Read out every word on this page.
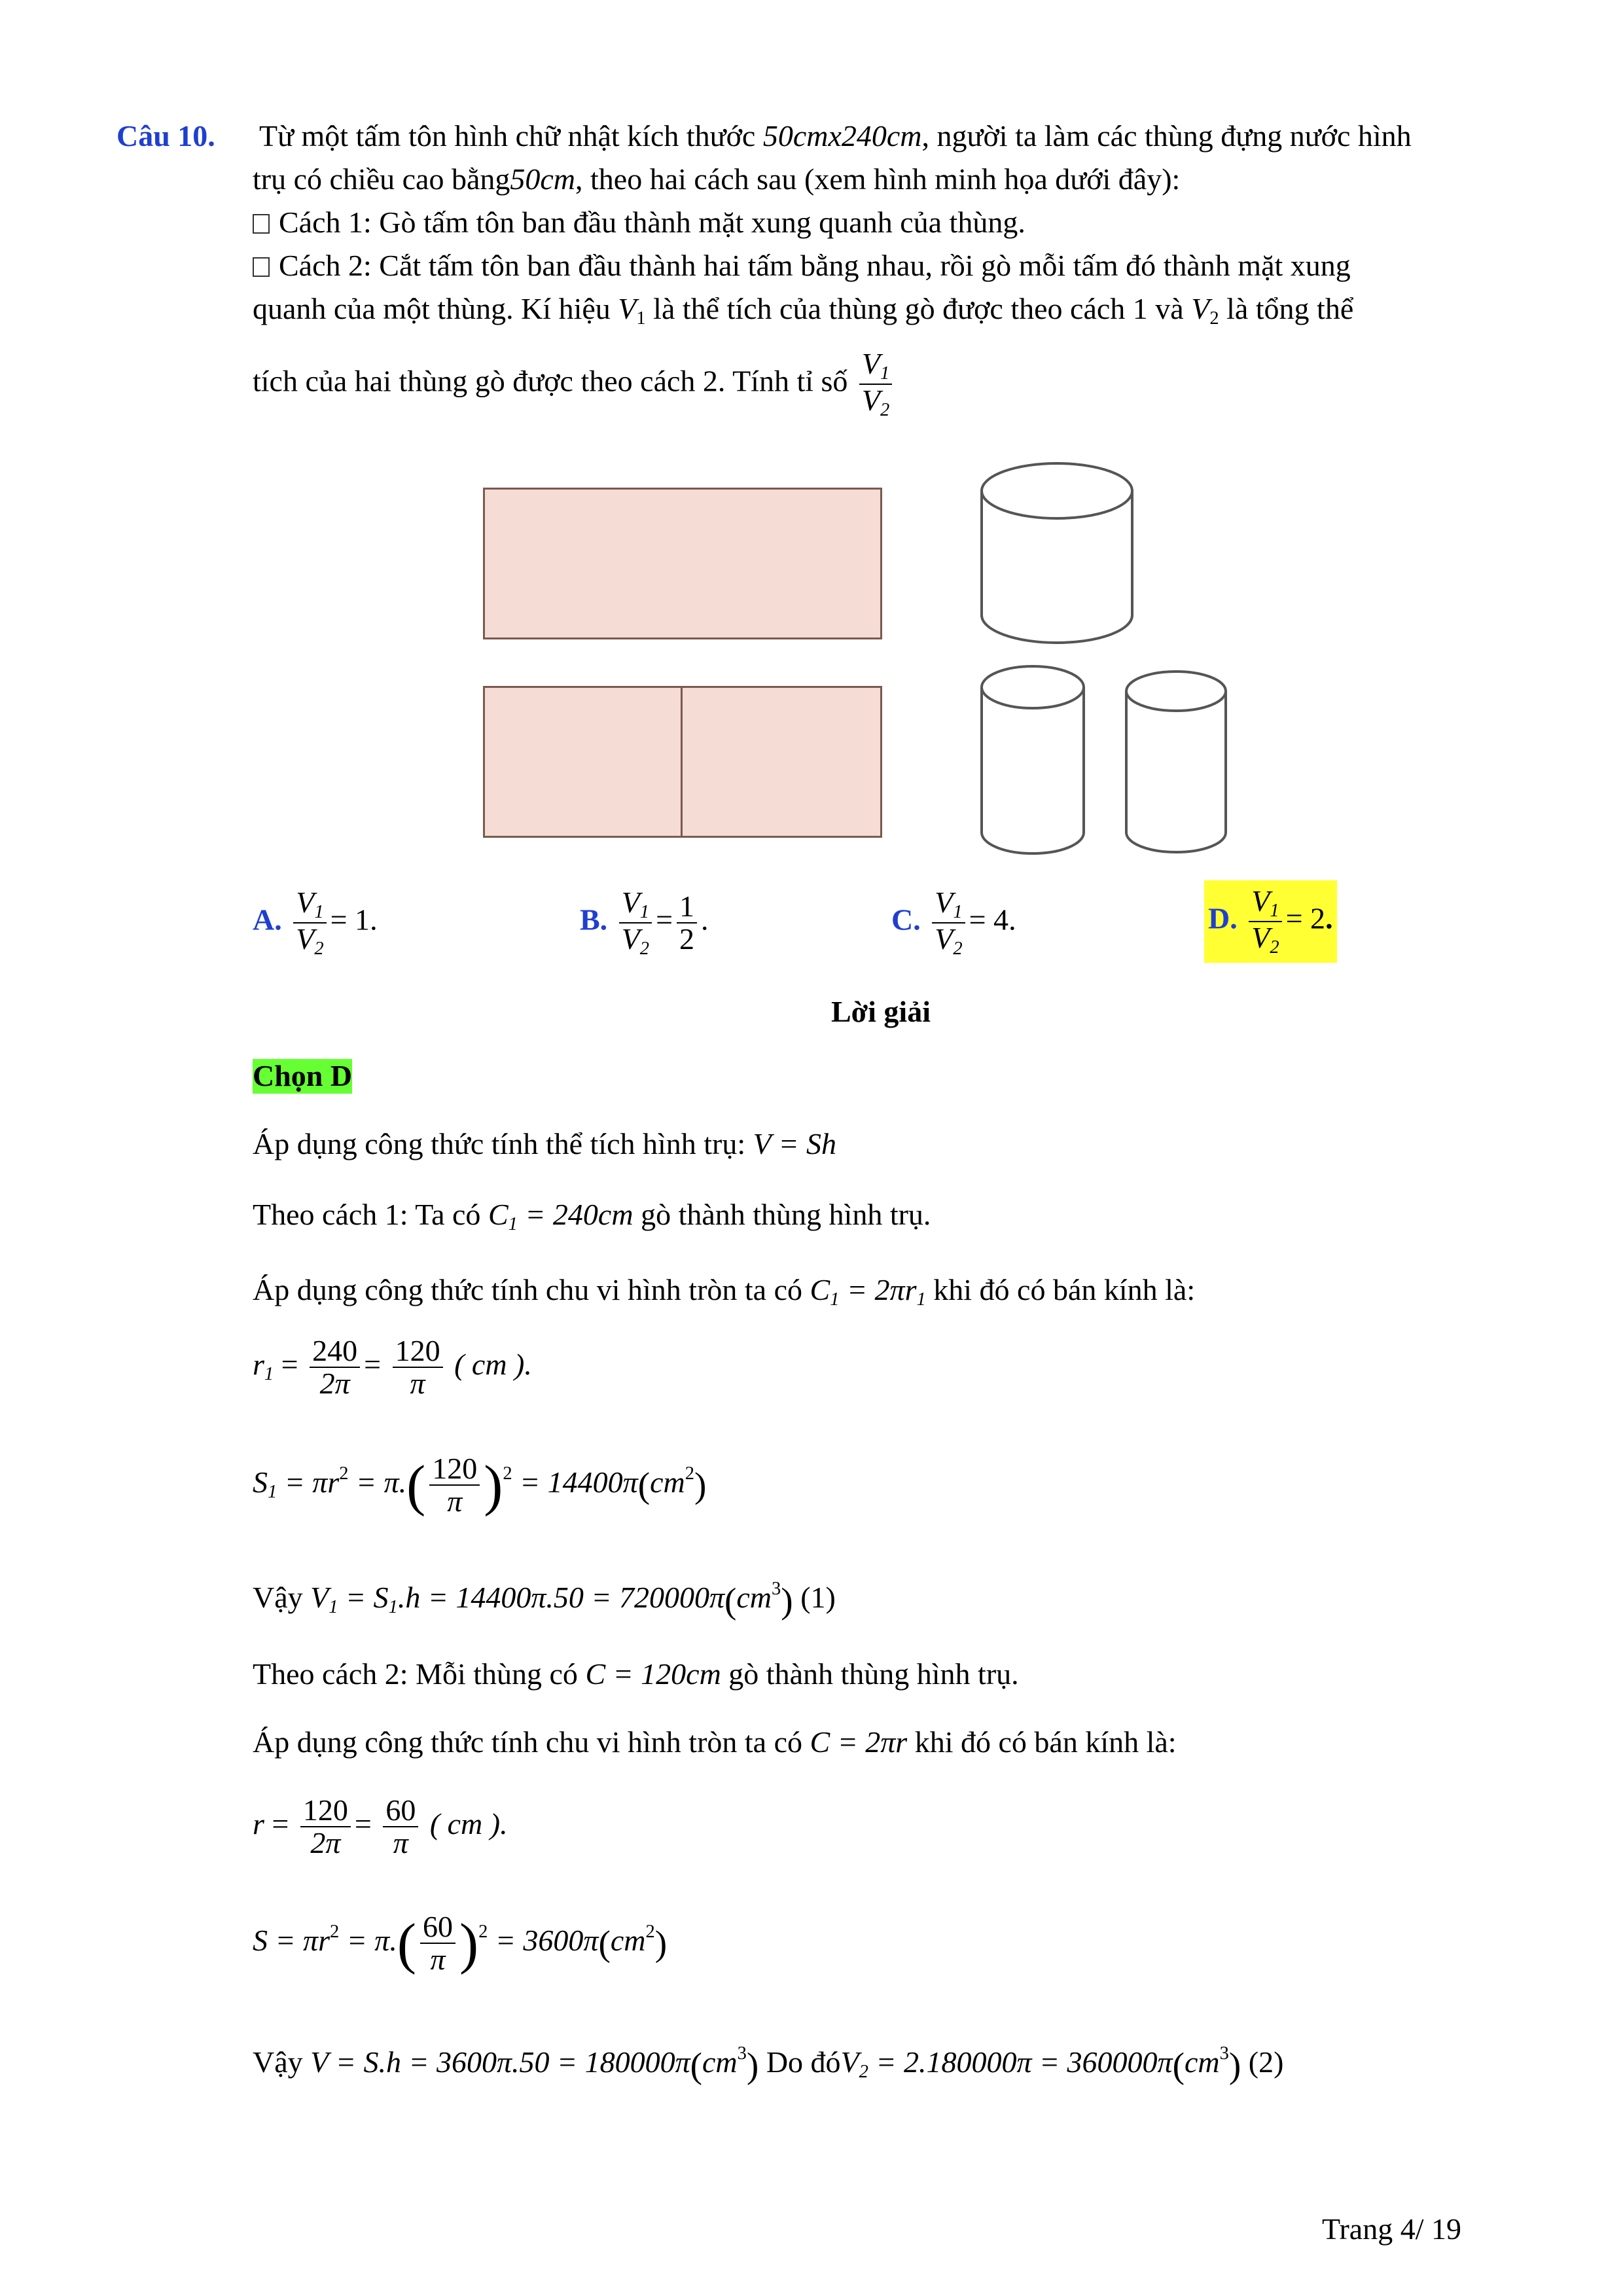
Câu 10. Từ một tấm tôn hình chữ nhật kích thước 50cmx240cm, người ta làm các thùng đựng nước hình
trụ có chiều cao bằng50cm, theo hai cách sau (xem hình minh họa dưới đây):
Cách 1: Gò tấm tôn ban đầu thành mặt xung quanh của thùng.
Cách 2: Cắt tấm tôn ban đầu thành hai tấm bằng nhau, rồi gò mỗi tấm đó thành mặt xung
quanh của một thùng. Kí hiệu $V_1$ là thể tích của thùng gò được theo cách 1 và $V_2$ là tổng thể
tích của hai thùng gò được theo cách 2. Tính tỉ số $\frac{V_1}{V_2}$
A. $\frac{V_1}{V_2} = 1$.	B. $\frac{V_1}{V_2} = \frac{1}{2}$ .	C. $\frac{V_1}{V_2} = 4$.	D. $\frac{V_1}{V_2} = 2$.
Lời giải
Chọn D
Áp dụng công thức tính thể tích hình trụ: V = Sh
Theo cách 1: Ta có $C_1 = 240cm$ gò thành thùng hình trụ.
Áp dụng công thức tính chu vi hình tròn ta có $C_1 = 2\pi r_1$ khi đó có bán kính là:
$r_1 = \frac{240}{2\pi} = \frac{120}{\pi}$ ( cm ).
$S_1 = \pi r^2 = \pi.( \frac{120}{\pi} )^2 = 14400\pi(cm^2)$
Vậy $V_1 = S_1.h = 14400\pi.50 = 720000\pi(cm^3)$ (1)
Theo cách 2: Mỗi thùng có C = 120cm gò thành thùng hình trụ.
Áp dụng công thức tính chu vi hình tròn ta có C = 2πr khi đó có bán kính là:
$r = \frac{120}{2\pi} = \frac{60}{\pi}$ ( cm ).
$S = \pi r^2 = \pi.( \frac{60}{\pi} )^2 = 3600\pi(cm^2)$
Vậy $V = S.h = 3600\pi.50 = 180000\pi(cm^3)$ Do đóV$_2$ = $2.180000\pi = 360000\pi(cm^3)$ (2)
Trang 4/ 19
